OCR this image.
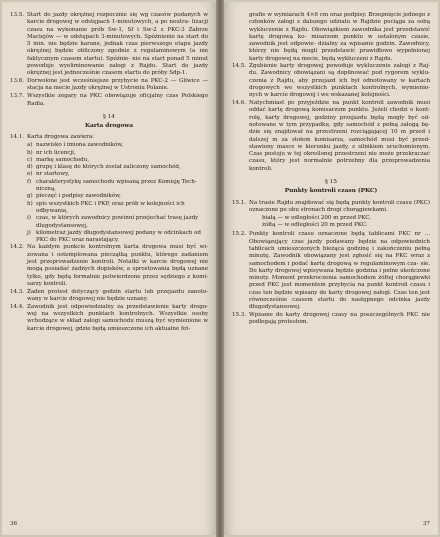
13.5. Start do jazdy okrężnej rozpocznie się wg czasów podanych w karcie drogowej w odstępach 1-minutowych, a po neutra- lizacji czasu na wykonanie prób Sw-1, Sf i Sw-2 z PKC-3 Zabrze Maciejów — w odstępach 3-minutowych. Spóźnienie na start do 5 min. nie będzie karane, jednak czas pierwszego etapu jazdy okrężnej będzie obliczony zgodnie z regulaminowym (a nie faktycznym czasem startu). Spóźnie- nie na start ponad 5 minut powoduje wyeliminowanie załogi z Rajdu. Start do jazdy okrężnej jest jednocześnie czasem startu do próby Sdp-1.
13.6. Dorwolone jest wcześniejsze przybycie na PKC-2 — Gliwice — stacja na mecie jazdy okrężnej w Ustroniu Polanie.
13.7. Wszystkie zegary na PKC obowiązuje oficjalny czas Polskiego Radia.
§ 14
Karta drogowa
14.1. Karta drogowa zawiera:
a) nazwisko i imiona zawodników,
b) nr ich licencji,
c) markę samochodu,
d) grupę i klasę do których został zaliczony samochód,
e) nr startowy,
f) charakterystykę samochodu wpisaną przez Komisję Tech- niczną,
g) pieczęć i podpisy zawodników,
h) spis wszystkich PKC i PKP, oraz prób w kolejności ich odbywania,
i) czas, w których zawodnicy powinni przejechać trasę jazdy dlugodystansowej,
j) kilometraż jazdy długodystansowej podany w odcinkach od PKC do PKC oraz narastający.
14.2. Na każdym punkcie kontrolnym karta drogowa musi być wi- zowana i ostemplowana pieczątką punktu, którego zadaniem jest przeprowadzenie kontroli. Notatki w karcie drogowej nie mogą posiadać żadnych dopisków, a sprostowania będą uznane tylko, gdy będą formalnie potwierdzone przez sędziego z komi- sarzy kontroli.
14.3. Żaden protest dotyczący godzin startu lub przejazdu zanoto- wany w karcie drogowej nie będzie uznany.
14.4. Zawodnik jest odpowiedzialny za przedstawienie karty drogo- wej na wszystkich punktach kontrolnych. Wszystkie osoby wchodzące w skład załogi samochodu muszą być wymienione w karcie drogowej, gdzie będą umieszczone ich aktualne fot-
36
grafie w wymiarach 4×6 cm oraz podpisy. Brzepnięcie jednego z członków załogi z dalszego udziału w Rajdzie pociąga za sobą wykluczenie z Rajdu. Obowiązkiem zawodnika jest przedstawić kartę drogową ko- misarzom punktu w ustalonym czasie, zawodnik jest odpowie- dzialny za wpisanie godzin. Zawodnicy, którzy nie będą mogli przedstawić prawidłowo wypełnionej karty drogowej na mecie, będą wykluczeni z Rajdu.
14.5. Zgubienie karty drogowej powoduje wykluczenie załogi z Raj- du. Zawodnicy obowiązani są dopilnować pod rygorem wyklu- czenia z Rajdu, aby przejazd ich był odnotowany w kartach drogowych we wszystkich punktach kontrolnych, wymienio- nych w karcie drogowej i we wskazanej kolejności.
14.6. Natychmiast po przyjeździe na punkt kontroli zawodnik musi oddać kartę drogową komisarzom punktu. Jeżeli chodzi o kont- rolę, karty drogowej, godziny przejazdu będą mogły być od- notowane w tym przypadku, gdy samochód z pełną załogą bę- dzie się znajdował na przestrzeni rozciągającej 10 m przed i dalszej m za stołem komisarza, samochód musi być przed- stawiony masce w kierunku jazdy, z silnikiem uruchomionym. Czas postoju w tej określonej przestrzeni nie może przekraczać czasu, który jest normalnie potrzebny dla przeprowadzenia kontroli.
§ 15
Punkty kontroli czasu (PKC)
15.1. Na trasie Rajdu znajdować się będą punkty kontroli czasu (PKC) oznaczone po obu stronach drogi chorągiewkami.
białą — w odległości 200 m przed PKC,
żółtą — w odległości 20 m przed PKC.
15.2. Punkty kontroli czasu oznaczone będą tablicami PKC nr ... Obowiązujący czas jazdy podawany będzie na odpowiednich tablicach umieszczonych bieżąca godzinę i zakończeniu pełną minutę. Zawodnik obowiązany jest zgłosić się na PKC wraz z samochodem i podać kartę drogową w regulaminowym cza- sie. Do karty drogowej wpisywana będzie godzina i pełne ukończone minuty. Moment przekroczenia samochodem żółtej chorągiewki przed PKC jest momentem przybycia na punkt kontroli czasu i czas ten będzie wpisany do karty drogowej załogi. Czas ten jest równocześnie czasem startu do następnego odcinka jazdy długodystansowej.
15.3. Wpisane do karty drogowej czasy na poszczególnych PKC nie podlegają protestom.
37
